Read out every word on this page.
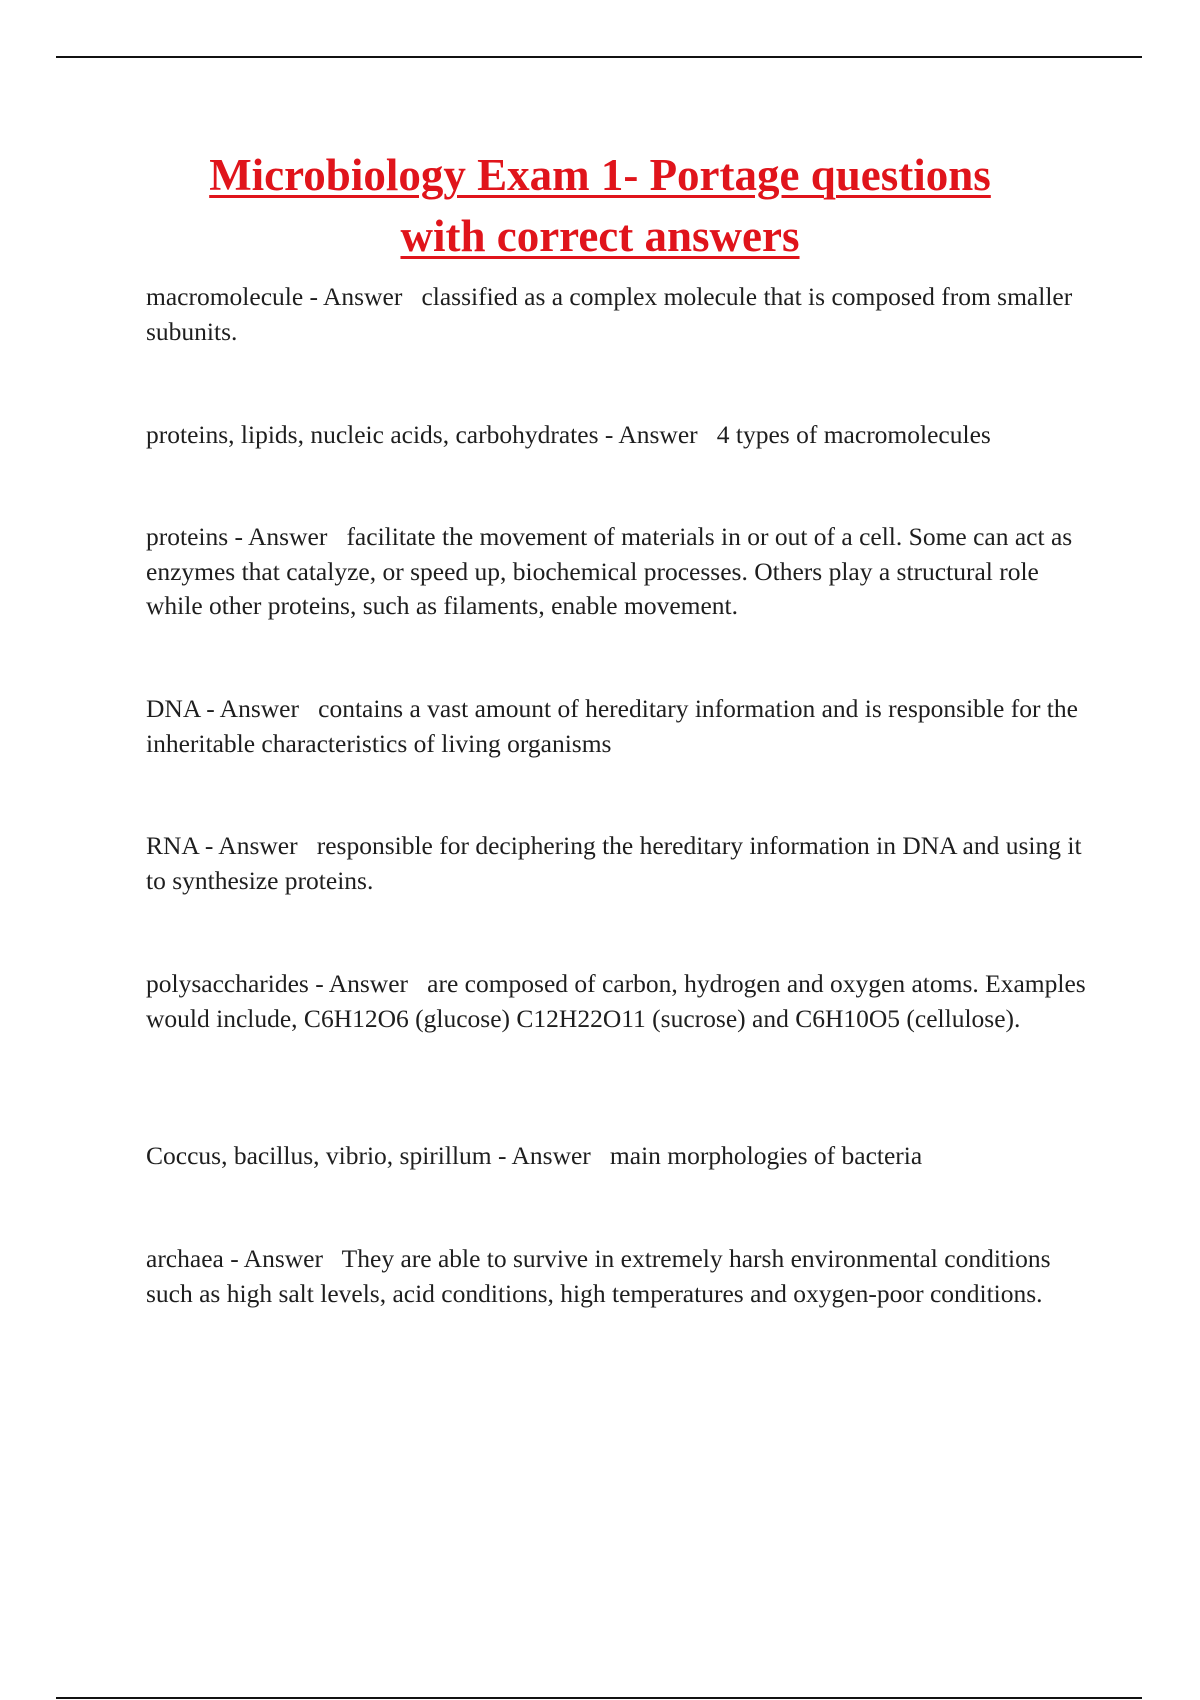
Microbiology Exam 1- Portage questions
with correct answers

macromolecule - Answer   classified as a complex molecule that is composed from smaller subunits.

proteins, lipids, nucleic acids, carbohydrates - Answer   4 types of macromolecules

proteins - Answer   facilitate the movement of materials in or out of a cell. Some can act as enzymes that catalyze, or speed up, biochemical processes. Others play a structural role while other proteins, such as filaments, enable movement.

DNA - Answer   contains a vast amount of hereditary information and is responsible for the inheritable characteristics of living organisms

RNA - Answer   responsible for deciphering the hereditary information in DNA and using it to synthesize proteins.

polysaccharides - Answer   are composed of carbon, hydrogen and oxygen atoms. Examples would include, C6H12O6 (glucose) C12H22O11 (sucrose) and C6H10O5 (cellulose).

Coccus, bacillus, vibrio, spirillum - Answer   main morphologies of bacteria

archaea - Answer   They are able to survive in extremely harsh environmental conditions such as high salt levels, acid conditions, high temperatures and oxygen-poor conditions.
